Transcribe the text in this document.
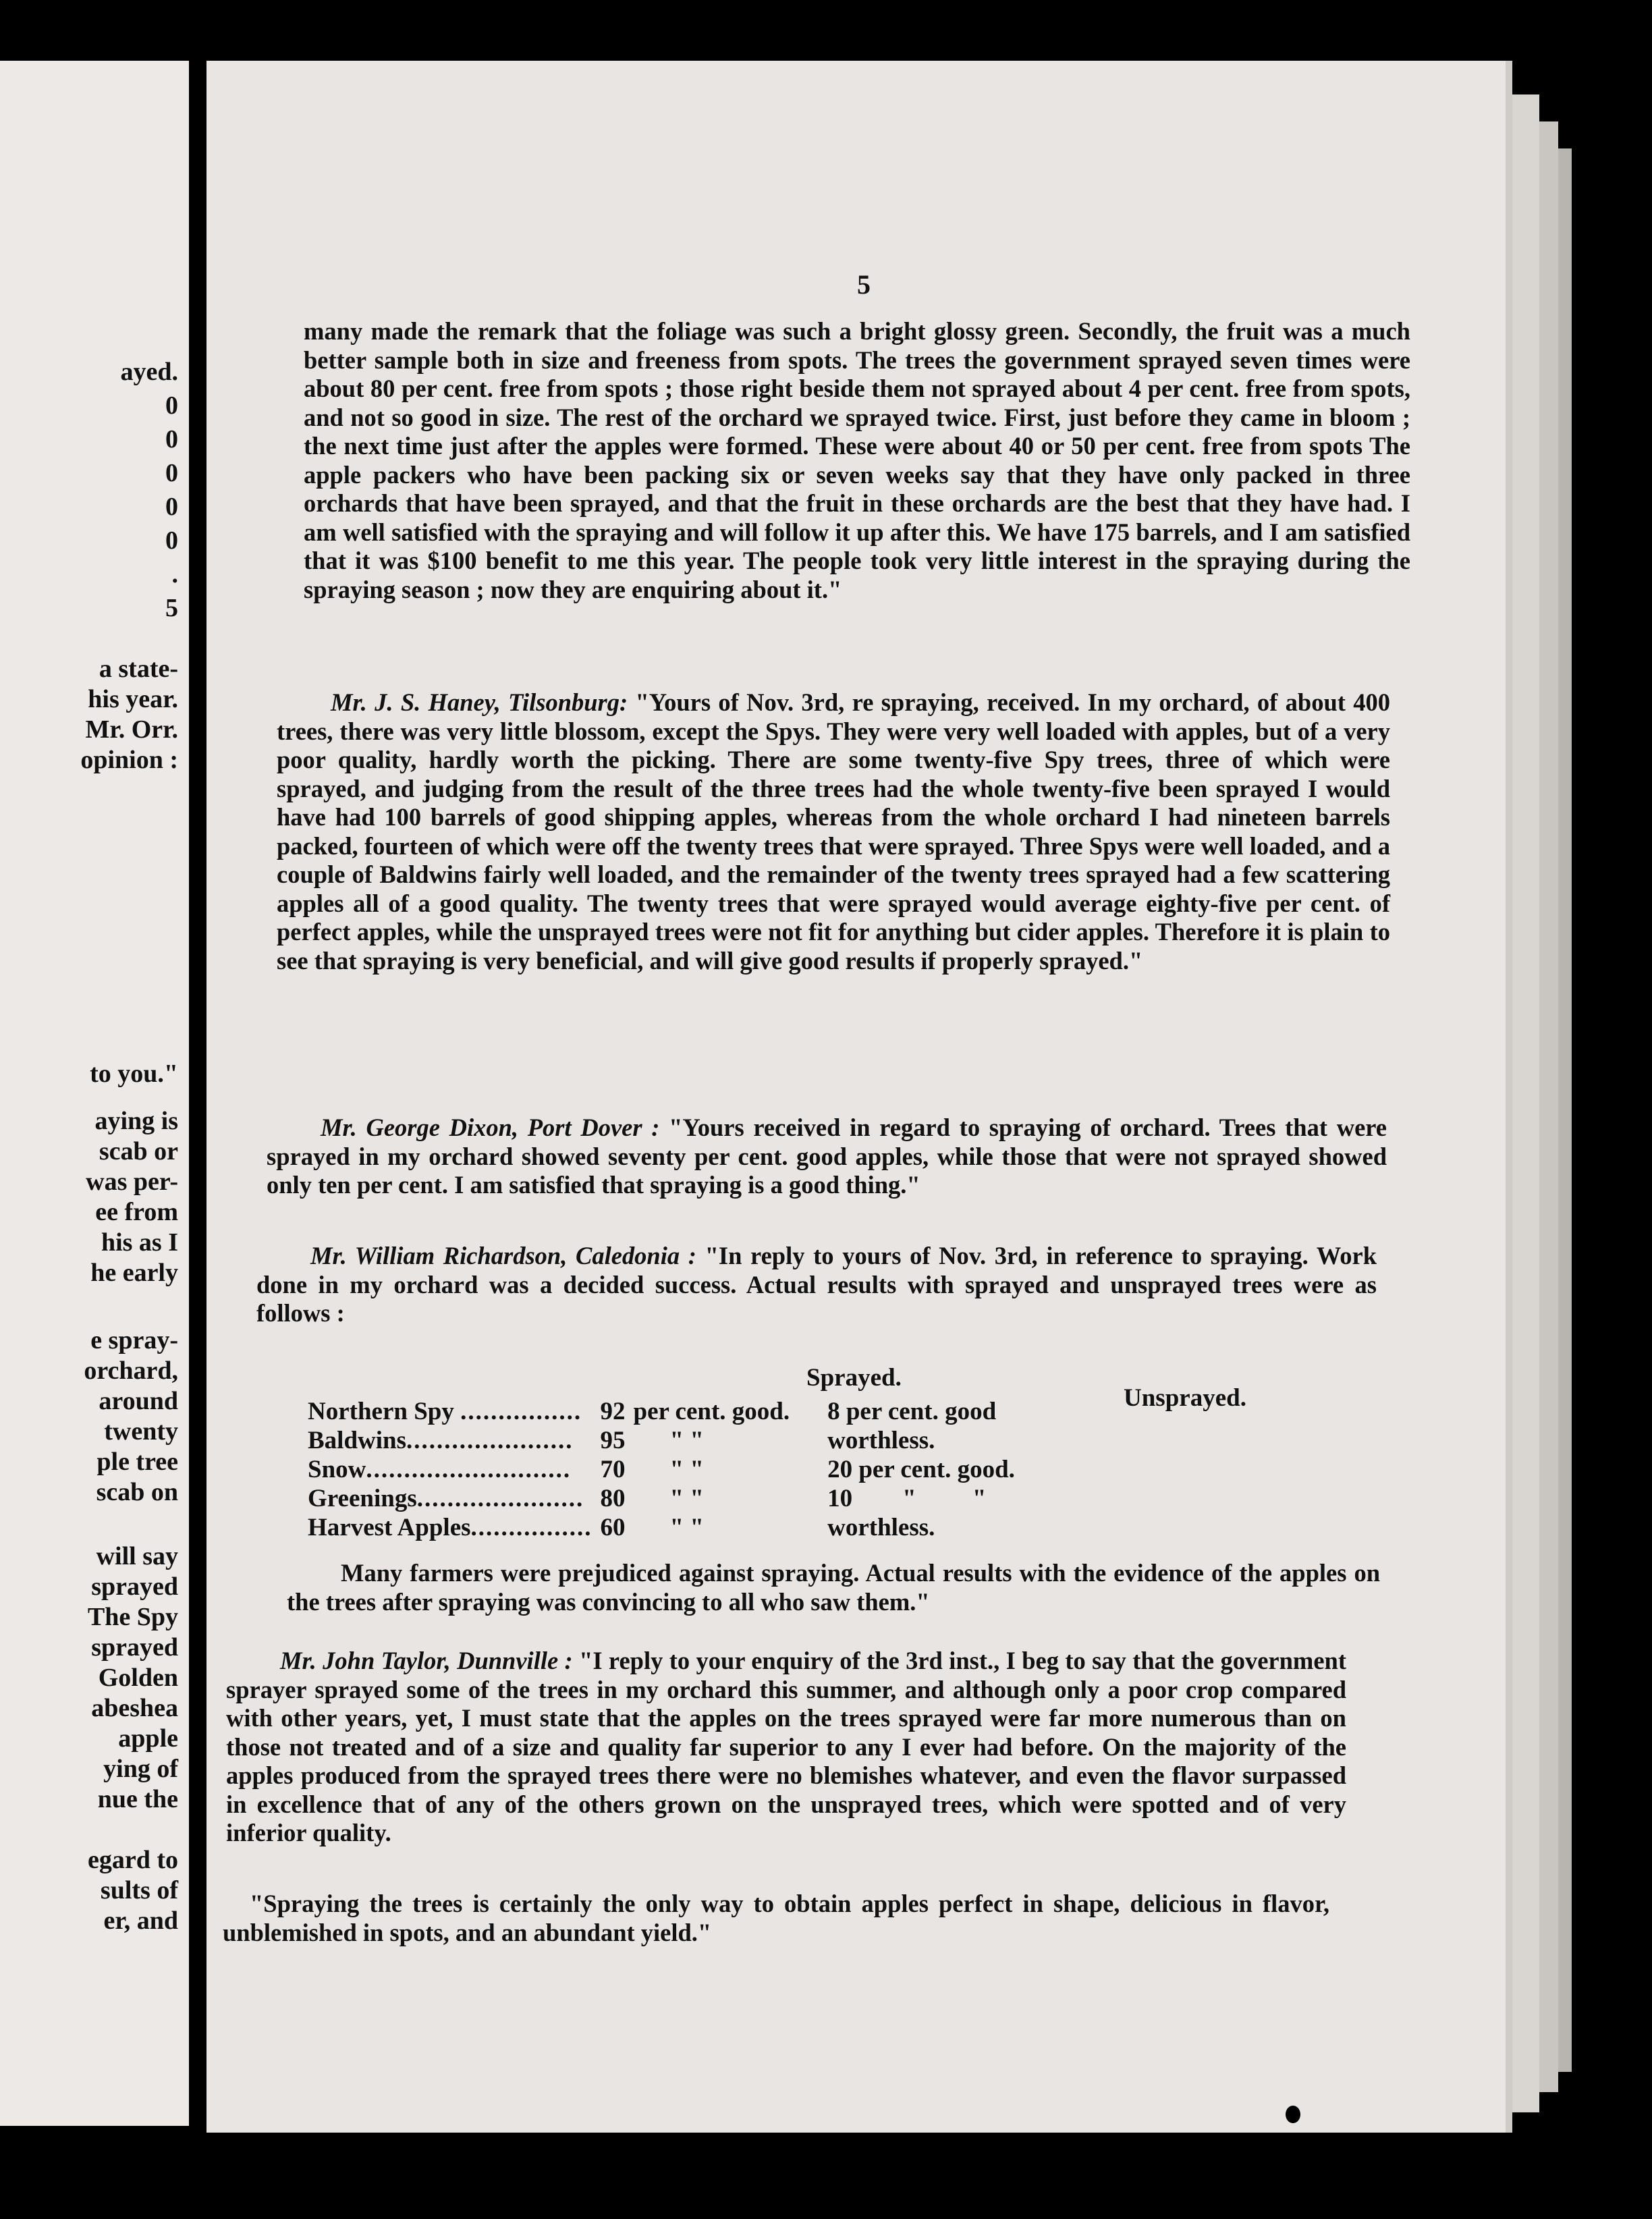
ayed.
0
0
0
0
0
.
5
a state-
his year.
Mr. Orr.
opinion :
to you."
aying is
scab or
was per-
ee from
his as I
he early
e spray-
orchard,
around
twenty
ple tree
scab on
will say
sprayed
The Spy
sprayed
Golden
abeshea
apple
ying of
nue the
egard to
sults of
er, and
5

many made the remark that the foliage was such a bright glossy green. Secondly, the fruit was a much better sample both in size and freeness from spots. The trees the government sprayed seven times were about 80 per cent. free from spots ; those right beside them not sprayed about 4 per cent. free from spots, and not so good in size. The rest of the orchard we sprayed twice. First, just before they came in bloom ; the next time just after the apples were formed. These were about 40 or 50 per cent. free from spots The apple packers who have been packing six or seven weeks say that they have only packed in three orchards that have been sprayed, and that the fruit in these orchards are the best that they have had. I am well satisfied with the spraying and will follow it up after this. We have 175 barrels, and I am satisfied that it was $100 benefit to me this year. The people took very little interest in the spraying during the spraying season ; now they are enquiring about it."

Mr. J. S. Haney, Tilsonburg: "Yours of Nov. 3rd, re spraying, received. In my orchard, of about 400 trees, there was very little blossom, except the Spys. They were very well loaded with apples, but of a very poor quality, hardly worth the picking. There are some twenty-five Spy trees, three of which were sprayed, and judging from the result of the three trees had the whole twenty-five been sprayed I would have had 100 barrels of good shipping apples, whereas from the whole orchard I had nineteen barrels packed, fourteen of which were off the twenty trees that were sprayed. Three Spys were well loaded, and a couple of Baldwins fairly well loaded, and the remainder of the twenty trees sprayed had a few scattering apples all of a good quality. The twenty trees that were sprayed would average eighty-five per cent. of perfect apples, while the unsprayed trees were not fit for anything but cider apples. Therefore it is plain to see that spraying is very beneficial, and will give good results if properly sprayed."

Mr. George Dixon, Port Dover : "Yours received in regard to spraying of orchard. Trees that were sprayed in my orchard showed seventy per cent. good apples, while those that were not sprayed showed only ten per cent. I am satisfied that spraying is a good thing."

Mr. William Richardson, Caledonia : "In reply to yours of Nov. 3rd, in reference to spraying. Work done in my orchard was a decided success. Actual results with sprayed and unsprayed trees were as follows :

Sprayed.
Unsprayed.
Northern Spy ................	92	per cent. good.	8 per cent. good
Baldwins......................	95	" "	worthless.
Snow...........................	70	" "	20 per cent. good.
Greenings......................	80	" "	10        "         "
Harvest Apples................	60	" "	worthless.

Many farmers were prejudiced against spraying. Actual results with the evidence of the apples on the trees after spraying was convincing to all who saw them."

Mr. John Taylor, Dunnville : "I reply to your enquiry of the 3rd inst., I beg to say that the government sprayer sprayed some of the trees in my orchard this summer, and although only a poor crop compared with other years, yet, I must state that the apples on the trees sprayed were far more numerous than on those not treated and of a size and quality far superior to any I ever had before. On the majority of the apples produced from the sprayed trees there were no blemishes whatever, and even the flavor surpassed in excellence that of any of the others grown on the unsprayed trees, which were spotted and of very inferior quality.

"Spraying the trees is certainly the only way to obtain apples perfect in shape, delicious in flavor, unblemished in spots, and an abundant yield."
